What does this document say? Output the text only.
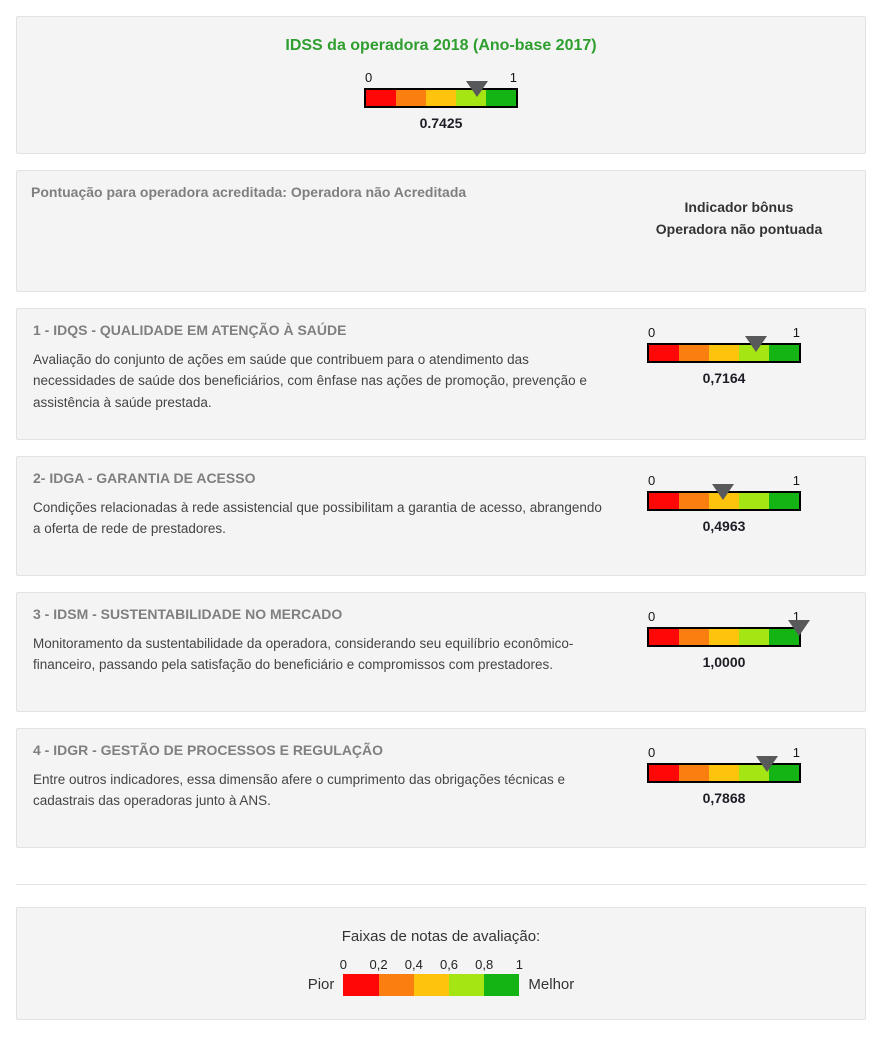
IDSS da operadora 2018 (Ano-base 2017)
0	1
0.7425

Pontuação para operadora acreditada: Operadora não Acreditada

Indicador bônus
Operadora não pontuada

1 - IDQS - QUALIDADE EM ATENÇÃO À SAÚDE

Avaliação do conjunto de ações em saúde que contribuem para o atendimento das necessidades de saúde dos beneficiários, com ênfase nas ações de promoção, prevenção e assistência à saúde prestada.

0	1
0,7164

2- IDGA - GARANTIA DE ACESSO

Condições relacionadas à rede assistencial que possibilitam a garantia de acesso, abrangendo a oferta de rede de prestadores.

0	1
0,4963

3 - IDSM - SUSTENTABILIDADE NO MERCADO

Monitoramento da sustentabilidade da operadora, considerando seu equilíbrio econômico-financeiro, passando pela satisfação do beneficiário e compromissos com prestadores.

0	1
1,0000

4 - IDGR - GESTÃO DE PROCESSOS E REGULAÇÃO

Entre outros indicadores, essa dimensão afere o cumprimento das obrigações técnicas e cadastrais das operadoras junto à ANS.

0	1
0,7868

Faixas de notas de avaliação:

Pior
0 0,2 0,4 0,6 0,8 1
Melhor
